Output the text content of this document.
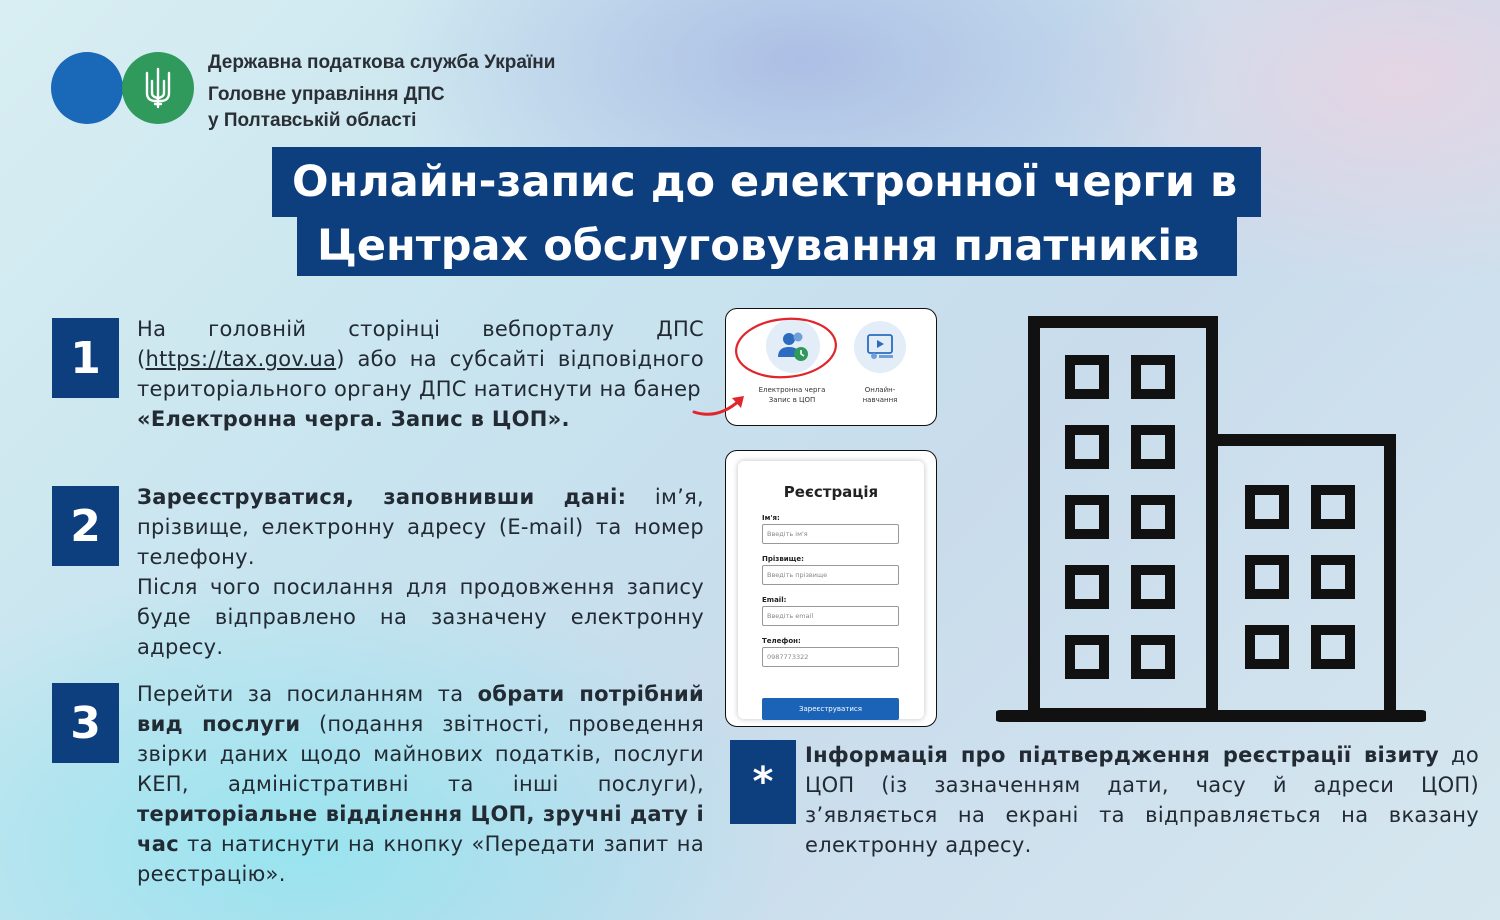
Державна податкова служба України
Головне управління ДПС
у Полтавській області
Онлайн-запис до електронної черги в
Центрах обслуговування платників
1
На головній сторінці вебпорталу ДПС (https://tax.gov.ua) або на субсайті відповідного територіального органу ДПС натиснути на банер
«Електронна черга. Запис в ЦОП».
2
Зареєструватися, заповнивши дані: ім’я, прізвище, електронну адресу (E-mail) та номер телефону.
Після чого посилання для продовження запису буде відправлено на зазначену електронну адресу.
3
Перейти за посиланням та обрати потрібний вид послуги (подання звітності, проведення звірки даних щодо майнових податків, послуги КЕП, адміністративні та інші послуги), територіальне відділення ЦОП, зручні дату і час та натиснути на кнопку «Передати запит на реєстрацію».
Електронна черга
Запис в ЦОП
Онлайн-
навчання
Реєстрація
Ім'я:
Введіть ім'я
Прізвище:
Введіть прізвище
Email:
Введіть email
Телефон:
0987773322
Зареєструватися
*
Інформація про підтвердження реєстрації візиту до ЦОП (із зазначенням дати, часу й адреси ЦОП) з’являється на екрані та відправляється на вказану електронну адресу.
